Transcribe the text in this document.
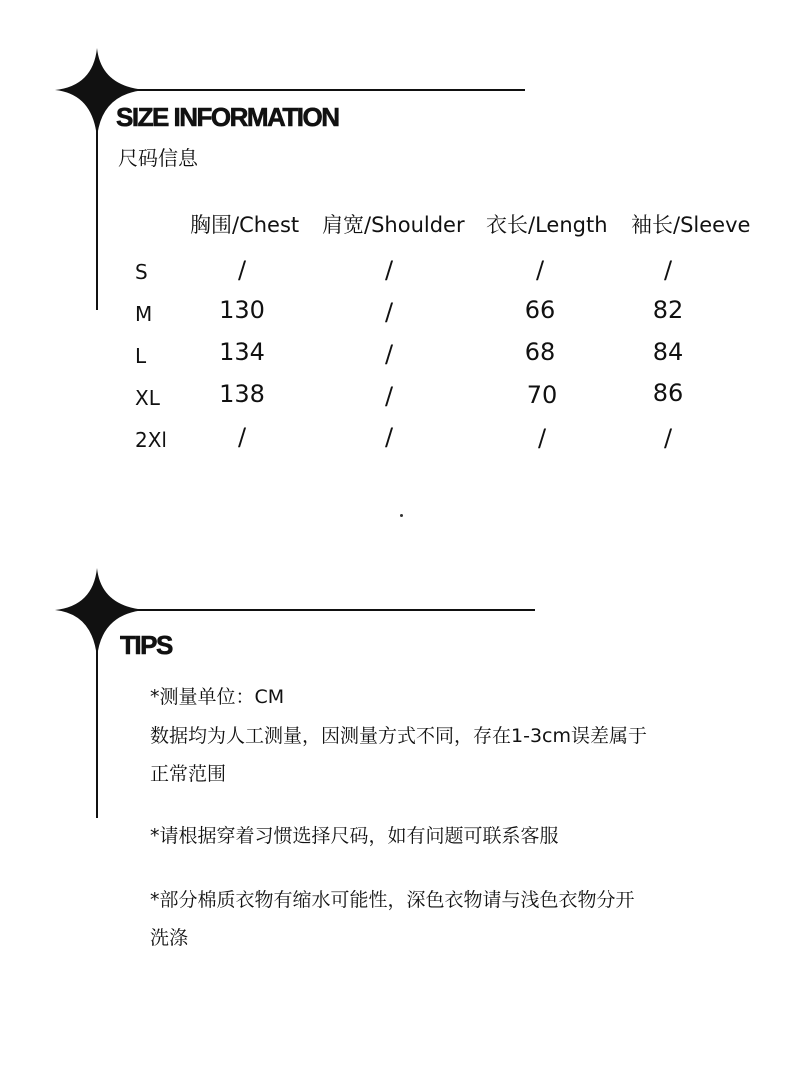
SIZE INFORMATION
尺码信息
胸围/Chest 肩宽/Shoulder 衣长/Length 袖长/Sleeve
S	/	/	/	/
M	130	/	66	82
L	134	/	68	84
XL	138	/	70	86
2Xl	/	/	/	/
TIPS
*测量单位：CM
数据均为人工测量，因测量方式不同，存在1-3cm误差属于
正常范围
*请根据穿着习惯选择尺码，如有问题可联系客服
*部分棉质衣物有缩水可能性，深色衣物请与浅色衣物分开
洗涤
